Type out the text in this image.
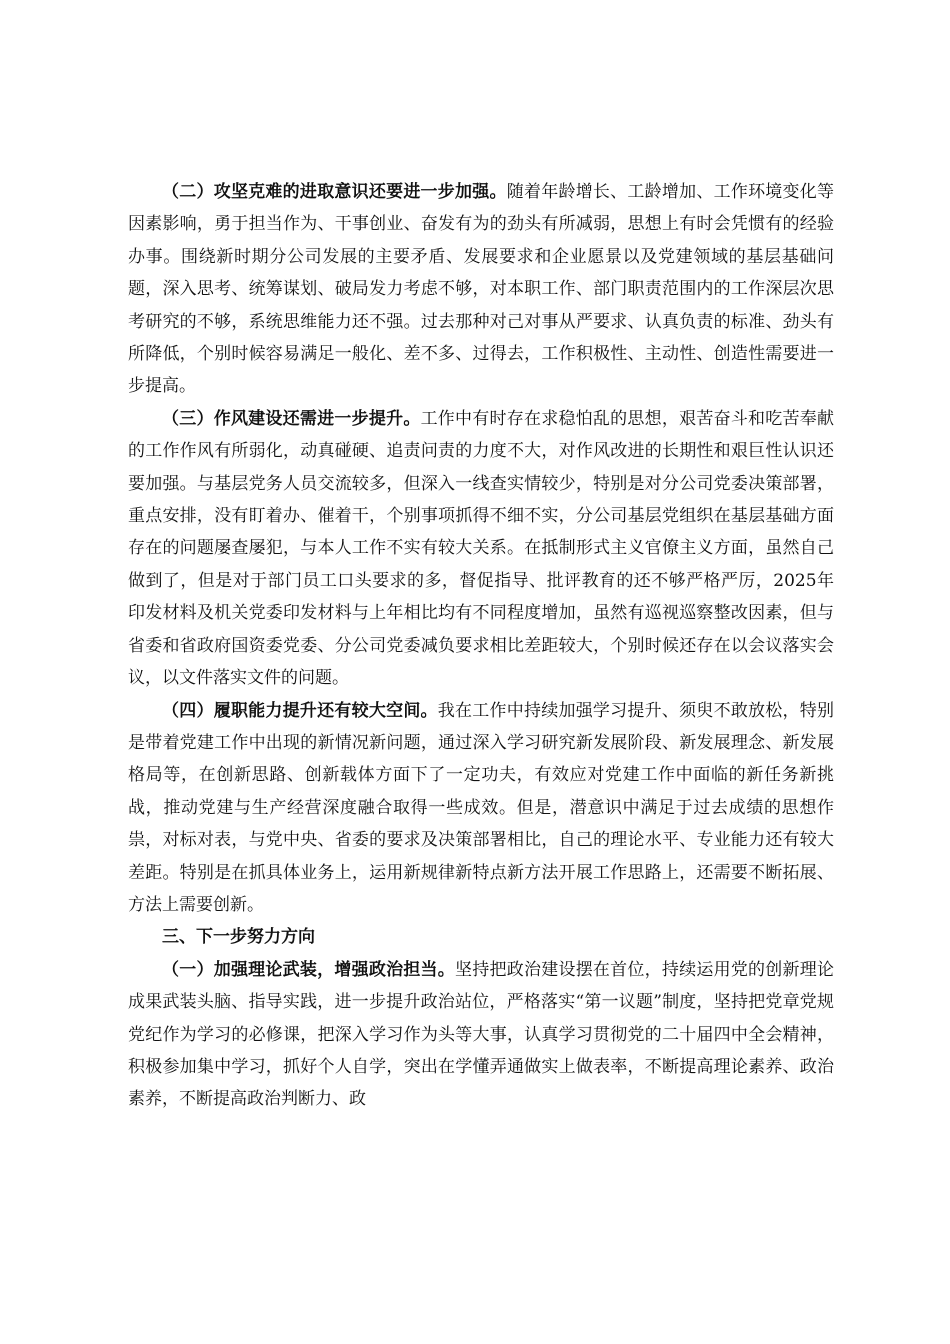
（二）攻坚克难的进取意识还要进一步加强。随着年龄增长、工龄增加、工作环境变化等因素影响，勇于担当作为、干事创业、奋发有为的劲头有所减弱，思想上有时会凭惯有的经验办事。围绕新时期分公司发展的主要矛盾、发展要求和企业愿景以及党建领域的基层基础问题，深入思考、统筹谋划、破局发力考虑不够，对本职工作、部门职责范围内的工作深层次思考研究的不够，系统思维能力还不强。过去那种对己对事从严要求、认真负责的标准、劲头有所降低，个别时候容易满足一般化、差不多、过得去，工作积极性、主动性、创造性需要进一步提高。

（三）作风建设还需进一步提升。工作中有时存在求稳怕乱的思想，艰苦奋斗和吃苦奉献的工作作风有所弱化，动真碰硬、追责问责的力度不大，对作风改进的长期性和艰巨性认识还要加强。与基层党务人员交流较多，但深入一线查实情较少，特别是对分公司党委决策部署，重点安排，没有盯着办、催着干，个别事项抓得不细不实，分公司基层党组织在基层基础方面存在的问题屡查屡犯，与本人工作不实有较大关系。在抵制形式主义官僚主义方面，虽然自己做到了，但是对于部门员工口头要求的多，督促指导、批评教育的还不够严格严厉，2025年印发材料及机关党委印发材料与上年相比均有不同程度增加，虽然有巡视巡察整改因素，但与省委和省政府国资委党委、分公司党委减负要求相比差距较大，个别时候还存在以会议落实会议，以文件落实文件的问题。

（四）履职能力提升还有较大空间。我在工作中持续加强学习提升、须臾不敢放松，特别是带着党建工作中出现的新情况新问题，通过深入学习研究新发展阶段、新发展理念、新发展格局等，在创新思路、创新载体方面下了一定功夫，有效应对党建工作中面临的新任务新挑战，推动党建与生产经营深度融合取得一些成效。但是，潜意识中满足于过去成绩的思想作祟，对标对表，与党中央、省委的要求及决策部署相比，自己的理论水平、专业能力还有较大差距。特别是在抓具体业务上，运用新规律新特点新方法开展工作思路上，还需要不断拓展、方法上需要创新。

三、下一步努力方向

（一）加强理论武装，增强政治担当。坚持把政治建设摆在首位，持续运用党的创新理论成果武装头脑、指导实践，进一步提升政治站位，严格落实“第一议题”制度，坚持把党章党规党纪作为学习的必修课，把深入学习作为头等大事，认真学习贯彻党的二十届四中全会精神，积极参加集中学习，抓好个人自学，突出在学懂弄通做实上做表率，不断提高理论素养、政治素养，不断提高政治判断力、政
